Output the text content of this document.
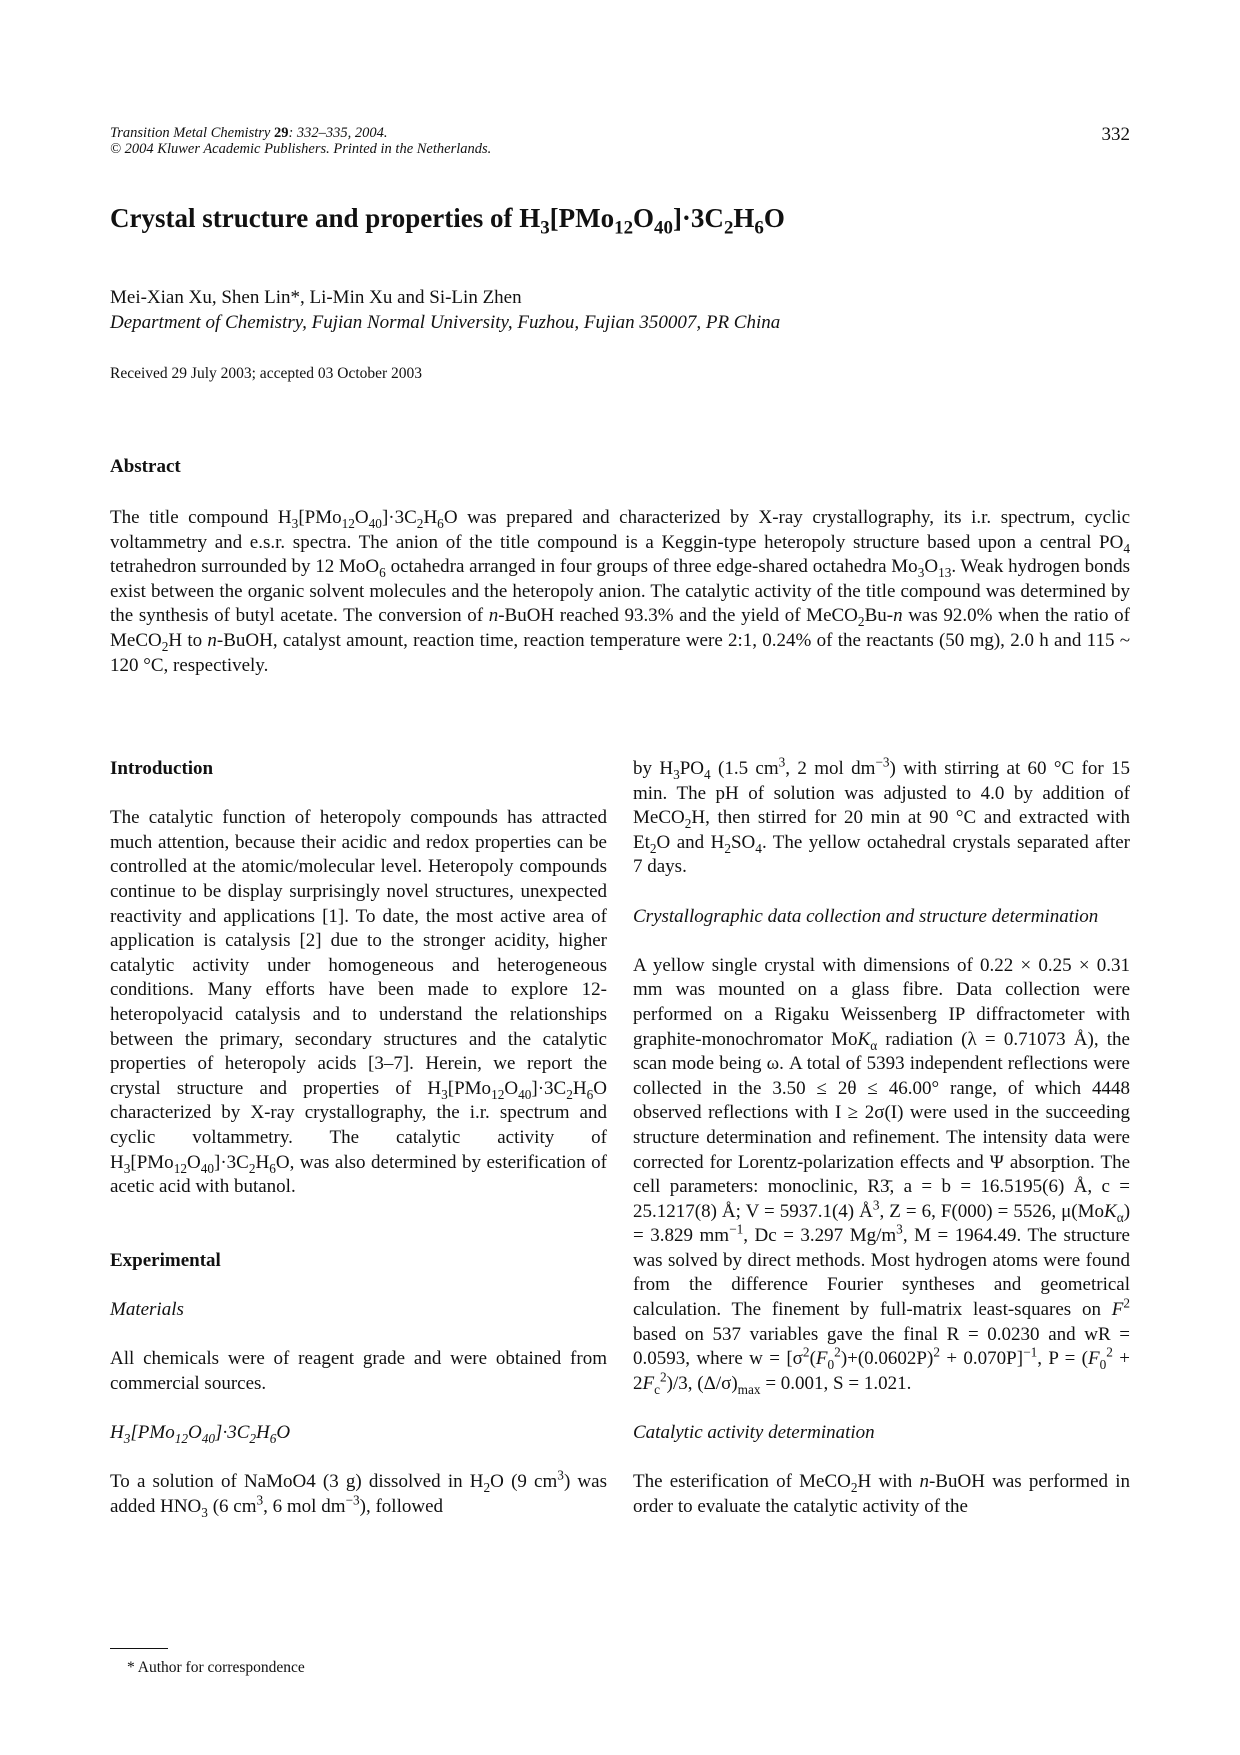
Transition Metal Chemistry 29: 332–335, 2004.
© 2004 Kluwer Academic Publishers. Printed in the Netherlands.
332
Crystal structure and properties of $H_3[PMo_{12}O_{40}]\cdot 3C_2H_6O$
Mei-Xian Xu, Shen Lin*, Li-Min Xu and Si-Lin Zhen
Department of Chemistry, Fujian Normal University, Fuzhou, Fujian 350007, PR China
Received 29 July 2003; accepted 03 October 2003
Abstract
The title compound $H_3[PMo_{12}O_{40}]\cdot 3C_2H_6O$ was prepared and characterized by X-ray crystallography, its i.r. spectrum, cyclic voltammetry and e.s.r. spectra. The anion of the title compound is a Keggin-type heteropoly structure based upon a central $PO_4$ tetrahedron surrounded by 12 MoO$_6$ octahedra arranged in four groups of three edge-shared octahedra $Mo_3O_{13}$. Weak hydrogen bonds exist between the organic solvent molecules and the heteropoly anion. The catalytic activity of the title compound was determined by the synthesis of butyl acetate. The conversion of n-BuOH reached 93.3% and the yield of MeCO$_2$Bu-n was 92.0% when the ratio of MeCO$_2$H to n-BuOH, catalyst amount, reaction time, reaction temperature were 2:1, 0.24% of the reactants (50 mg), 2.0 h and 115 ~ 120 °C, respectively.

Introduction

The catalytic function of heteropoly compounds has attracted much attention, because their acidic and redox properties can be controlled at the atomic/molecular level. Heteropoly compounds continue to be display surprisingly novel structures, unexpected reactivity and applications [1]. To date, the most active area of application is catalysis [2] due to the stronger acidity, higher catalytic activity under homogeneous and heterogeneous conditions. Many efforts have been made to explore 12-heteropolyacid catalysis and to understand the relationships between the primary, secondary structures and the catalytic properties of heteropoly acids [3–7]. Herein, we report the crystal structure and properties of $H_3[PMo_{12}O_{40}]\cdot 3C_2H_6O$ characterized by X-ray crystallography, the i.r. spectrum and cyclic voltammetry. The catalytic activity of $H_3[PMo_{12}O_{40}]\cdot 3C_2H_6O$, was also determined by esterification of acetic acid with butanol.

Experimental

Materials

All chemicals were of reagent grade and were obtained from commercial sources.

$H_3[PMo_{12}O_{40}]\cdot 3C_2H_6O$

To a solution of NaMoO4 (3 g) dissolved in $H_2O$ (9 $cm^3$) was added $HNO_3$ (6 $cm^3$, 6 mol $dm^{-3}$), followed

by $H_3PO_4$ (1.5 $cm^3$, 2 mol $dm^{-3}$) with stirring at 60 °C for 15 min. The pH of solution was adjusted to 4.0 by addition of MeCO$_2$H, then stirred for 20 min at 90 °C and extracted with $Et_2O$ and $H_2SO_4$. The yellow octahedral crystals separated after 7 days.

Crystallographic data collection and structure determination

A yellow single crystal with dimensions of 0.22 × 0.25 × 0.31 mm was mounted on a glass fibre. Data collection were performed on a Rigaku Weissenberg IP diffractometer with graphite-monochromator MoK$_\alpha$ radiation (λ = 0.71073 Å), the scan mode being ω. A total of 5393 independent reflections were collected in the 3.50 ≤ 2θ ≤ 46.00° range, of which 4448 observed reflections with I ≥ 2σ(I) were used in the succeeding structure determination and refinement. The intensity data were corrected for Lorentz-polarization effects and Ψ absorption. The cell parameters: monoclinic, R3̄, a = b = 16.5195(6) Å, c = 25.1217(8) Å; V = 5937.1(4) $Å^3$, Z = 6, F(000) = 5526, μ(MoK$_\alpha$) = 3.829 $mm^{-1}$, Dc = 3.297 $Mg/m^3$, M = 1964.49. The structure was solved by direct methods. Most hydrogen atoms were found from the difference Fourier syntheses and geometrical calculation. The finement by full-matrix least-squares on $F^2$ based on 537 variables gave the final R = 0.0230 and wR = 0.0593, where $w = [\sigma^2(F_0^2)+(0.0602P)^2 + 0.070P]^{-1}$, $P = (F_0^2 + 2F_c^2)/3$, $(\Delta/\sigma)_{max} = 0.001$, S = 1.021.

Catalytic activity determination

The esterification of MeCO$_2$H with n-BuOH was performed in order to evaluate the catalytic activity of the

* Author for correspondence
